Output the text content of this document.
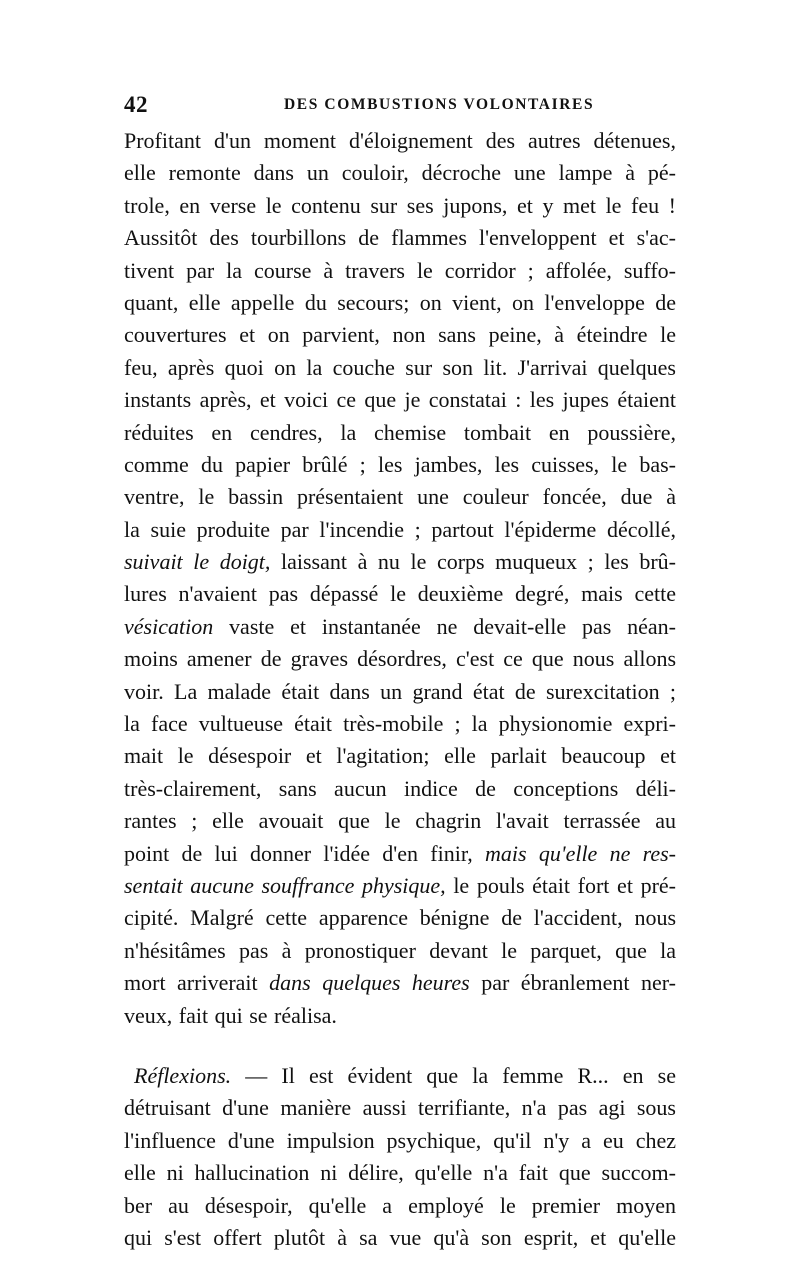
42	DES COMBUSTIONS VOLONTAIRES
Profitant d'un moment d'éloignement des autres détenues,
elle remonte dans un couloir, décroche une lampe à pé-
trole, en verse le contenu sur ses jupons, et y met le feu !
Aussitôt des tourbillons de flammes l'enveloppent et s'ac-
tivent par la course à travers le corridor ; affolée, suffo-
quant, elle appelle du secours; on vient, on l'enveloppe de
couvertures et on parvient, non sans peine, à éteindre le
feu, après quoi on la couche sur son lit. J'arrivai quelques
instants après, et voici ce que je constatai : les jupes étaient
réduites en cendres, la chemise tombait en poussière,
comme du papier brûlé ; les jambes, les cuisses, le bas-
ventre, le bassin présentaient une couleur foncée, due à
la suie produite par l'incendie ; partout l'épiderme décollé,
suivait le doigt, laissant à nu le corps muqueux ; les brû-
lures n'avaient pas dépassé le deuxième degré, mais cette
vésication vaste et instantanée ne devait-elle pas néan-
moins amener de graves désordres, c'est ce que nous allons
voir. La malade était dans un grand état de surexcitation ;
la face vultueuse était très-mobile ; la physionomie expri-
mait le désespoir et l'agitation; elle parlait beaucoup et
très-clairement, sans aucun indice de conceptions déli-
rantes ; elle avouait que le chagrin l'avait terrassée au
point de lui donner l'idée d'en finir, mais qu'elle ne res-
sentait aucune souffrance physique, le pouls était fort et pré-
cipité. Malgré cette apparence bénigne de l'accident, nous
n'hésitâmes pas à pronostiquer devant le parquet, que la
mort arriverait dans quelques heures par ébranlement ner-
veux, fait qui se réalisa.
Réflexions. — Il est évident que la femme R... en se
détruisant d'une manière aussi terrifiante, n'a pas agi sous
l'influence d'une impulsion psychique, qu'il n'y a eu chez
elle ni hallucination ni délire, qu'elle n'a fait que succom-
ber au désespoir, qu'elle a employé le premier moyen
qui s'est offert plutôt à sa vue qu'à son esprit, et qu'elle
